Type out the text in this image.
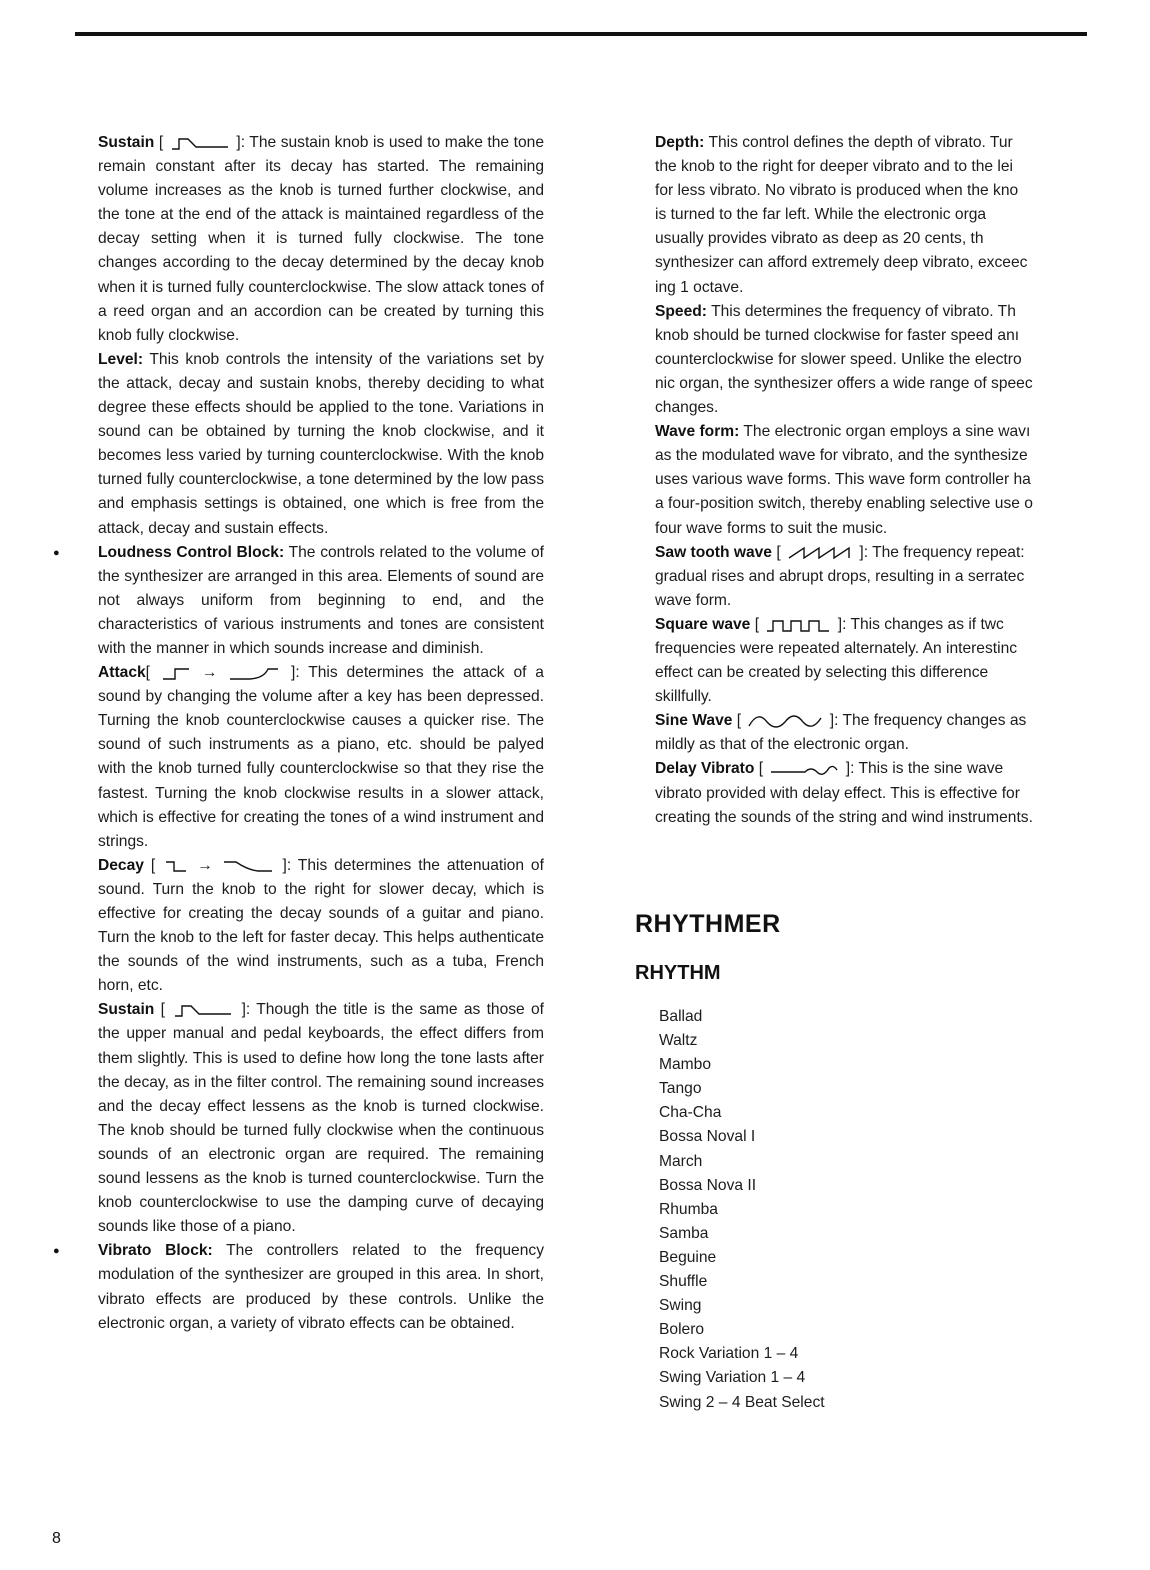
Sustain [	]: The sustain knob is used to make the tone remain constant after its decay has started. The remaining volume increases as the knob is turned further clockwise, and the tone at the end of the attack is maintained regardless of the decay setting when it is turned fully clockwise. The tone changes according to the decay determined by the decay knob when it is turned fully counterclockwise. The slow attack tones of a reed organ and an accordion can be created by turning this knob fully clockwise.

Level: This knob controls the intensity of the variations set by the attack, decay and sustain knobs, thereby deciding to what degree these effects should be applied to the tone. Variations in sound can be obtained by turning the knob clockwise, and it becomes less varied by turning counterclockwise. With the knob turned fully counterclockwise, a tone determined by the low pass and emphasis settings is obtained, one which is free from the attack, decay and sustain effects.

● Loudness Control Block: The controls related to the volume of the synthesizer are arranged in this area. Elements of sound are not always uniform from beginning to end, and the characteristics of various instruments and tones are consistent with the manner in which sounds increase and diminish.

Attack[	→	]: This determines the attack of a sound by changing the volume after a key has been depressed. Turning the knob counterclockwise causes a quicker rise. The sound of such instruments as a piano, etc. should be palyed with the knob turned fully counterclockwise so that they rise the fastest. Turning the knob clockwise results in a slower attack, which is effective for creating the tones of a wind instrument and strings.

Decay [	→	]: This determines the attenuation of sound. Turn the knob to the right for slower decay, which is effective for creating the decay sounds of a guitar and piano. Turn the knob to the left for faster decay. This helps authenticate the sounds of the wind instruments, such as a tuba, French horn, etc.

Sustain [	]: Though the title is the same as those of the upper manual and pedal keyboards, the effect differs from them slightly. This is used to define how long the tone lasts after the decay, as in the filter control. The remaining sound increases and the decay effect lessens as the knob is turned clockwise. The knob should be turned fully clockwise when the continuous sounds of an electronic organ are required. The remaining sound lessens as the knob is turned counterclockwise. Turn the knob counterclockwise to use the damping curve of decaying sounds like those of a piano.

● Vibrato Block: The controllers related to the frequency modulation of the synthesizer are grouped in this area. In short, vibrato effects are produced by these controls. Unlike the electronic organ, a variety of vibrato effects can be obtained.

Depth: This control defines the depth of vibrato. Tur
the knob to the right for deeper vibrato and to the lei
for less vibrato. No vibrato is produced when the kno
is turned to the far left. While the electronic orga
usually provides vibrato as deep as 20 cents, th
synthesizer can afford extremely deep vibrato, exceec
ing 1 octave.
Speed: This determines the frequency of vibrato. Th
knob should be turned clockwise for faster speed anı
counterclockwise for slower speed. Unlike the electro
nic organ, the synthesizer offers a wide range of speec
changes.
Wave form: The electronic organ employs a sine wavı
as the modulated wave for vibrato, and the synthesize
uses various wave forms. This wave form controller ha
a four-position switch, thereby enabling selective use o
four wave forms to suit the music.
Saw tooth wave [	]: The frequency repeat:
gradual rises and abrupt drops, resulting in a serratec
wave form.
Square wave [	]: This changes as if twc
frequencies were repeated alternately. An interestinc
effect can be created by selecting this difference
skillfully.
Sine Wave [	]: The frequency changes as
mildly as that of the electronic organ.
Delay Vibrato [	]: This is the sine wave
vibrato provided with delay effect. This is effective for
creating the sounds of the string and wind instruments.
RHYTHMER
RHYTHM
Ballad
Waltz
Mambo
Tango
Cha-Cha
Bossa Noval I
March
Bossa Nova II
Rhumba
Samba
Beguine
Shuffle
Swing
Bolero
Rock Variation 1 – 4
Swing Variation 1 – 4
Swing 2 – 4 Beat Select
8
